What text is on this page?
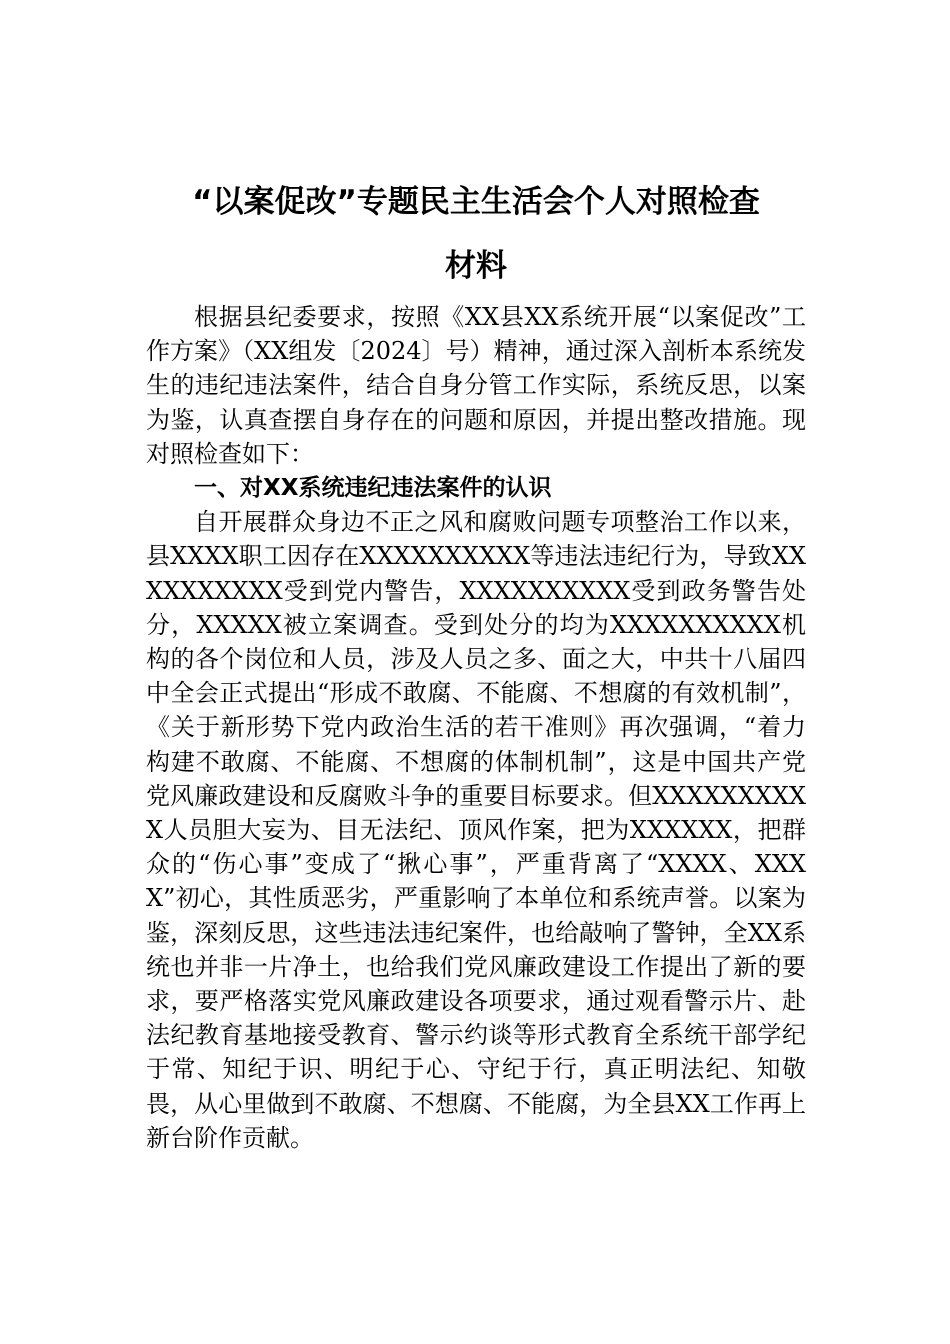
“以案促改”专题民主生活会个人对照检查
材料

根据县纪委要求，按照《XX县XX系统开展“以案促改”工作方案》（XX组发〔2024〕号）精神，通过深入剖析本系统发生的违纪违法案件，结合自身分管工作实际，系统反思，以案为鉴，认真查摆自身存在的问题和原因，并提出整改措施。现对照检查如下：

一、对XX系统违纪违法案件的认识

自开展群众身边不正之风和腐败问题专项整治工作以来，县XXXX职工因存在XXXXXXXXXX等违法违纪行为，导致XXXXXXXXXX受到党内警告，XXXXXXXXXX受到政务警告处分，XXXXX被立案调查。受到处分的均为XXXXXXXXXX机构的各个岗位和人员，涉及人员之多、面之大，中共十八届四中全会正式提出“形成不敢腐、不能腐、不想腐的有效机制”，《关于新形势下党内政治生活的若干准则》再次强调，“着力构建不敢腐、不能腐、不想腐的体制机制”，这是中国共产党党风廉政建设和反腐败斗争的重要目标要求。但XXXXXXXXXX人员胆大妄为、目无法纪、顶风作案，把为XXXXXX，把群众的“伤心事”变成了“揪心事”，严重背离了“XXXX、XXXX”初心，其性质恶劣，严重影响了本单位和系统声誉。以案为鉴，深刻反思，这些违法违纪案件，也给敲响了警钟，全XX系统也并非一片净土，也给我们党风廉政建设工作提出了新的要求，要严格落实党风廉政建设各项要求，通过观看警示片、赴法纪教育基地接受教育、警示约谈等形式教育全系统干部学纪于常、知纪于识、明纪于心、守纪于行，真正明法纪、知敬畏，从心里做到不敢腐、不想腐、不能腐，为全县XX工作再上新台阶作贡献。
